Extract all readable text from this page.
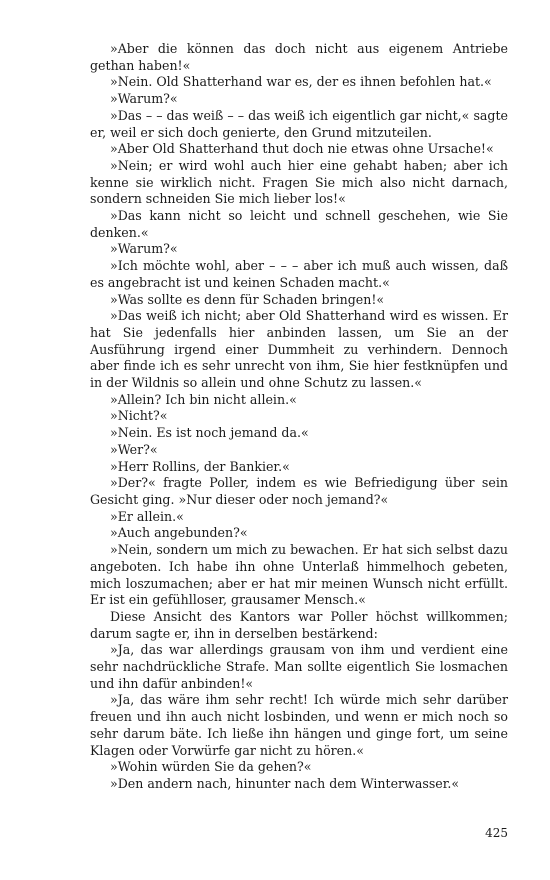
»Aber die können das doch nicht aus eigenem Antriebe gethan haben!«

»Nein. Old Shatterhand war es, der es ihnen befohlen hat.«

»Warum?«

»Das – – das weiß – – das weiß ich eigentlich gar nicht,« sagte er, weil er sich doch genierte, den Grund mitzuteilen.

»Aber Old Shatterhand thut doch nie etwas ohne Ursache!«

»Nein; er wird wohl auch hier eine gehabt haben; aber ich kenne sie wirklich nicht. Fragen Sie mich also nicht darnach, sondern schneiden Sie mich lieber los!«

»Das kann nicht so leicht und schnell geschehen, wie Sie denken.«

»Warum?«

»Ich möchte wohl, aber – – – aber ich muß auch wissen, daß es angebracht ist und keinen Schaden macht.«

»Was sollte es denn für Schaden bringen!«

»Das weiß ich nicht; aber Old Shatterhand wird es wissen. Er hat Sie jedenfalls hier anbinden lassen, um Sie an der Ausführung irgend einer Dummheit zu verhindern. Dennoch aber finde ich es sehr unrecht von ihm, Sie hier festknüpfen und in der Wildnis so allein und ohne Schutz zu lassen.«

»Allein? Ich bin nicht allein.«

»Nicht?«

»Nein. Es ist noch jemand da.«

»Wer?«

»Herr Rollins, der Bankier.«

»Der?« fragte Poller, indem es wie Befriedigung über sein Gesicht ging. »Nur dieser oder noch jemand?«

»Er allein.«

»Auch angebunden?«

»Nein, sondern um mich zu bewachen. Er hat sich selbst dazu angeboten. Ich habe ihn ohne Unterlaß himmelhoch gebeten, mich loszumachen; aber er hat mir meinen Wunsch nicht erfüllt. Er ist ein gefühlloser, grausamer Mensch.«

Diese Ansicht des Kantors war Poller höchst willkommen; darum sagte er, ihn in derselben bestärkend:

»Ja, das war allerdings grausam von ihm und verdient eine sehr nachdrückliche Strafe. Man sollte eigentlich Sie losmachen und ihn dafür anbinden!«

»Ja, das wäre ihm sehr recht! Ich würde mich sehr darüber freuen und ihn auch nicht losbinden, und wenn er mich noch so sehr darum bäte. Ich ließe ihn hängen und ginge fort, um seine Klagen oder Vorwürfe gar nicht zu hören.«

»Wohin würden Sie da gehen?«

»Den andern nach, hinunter nach dem Winterwasser.«

425
